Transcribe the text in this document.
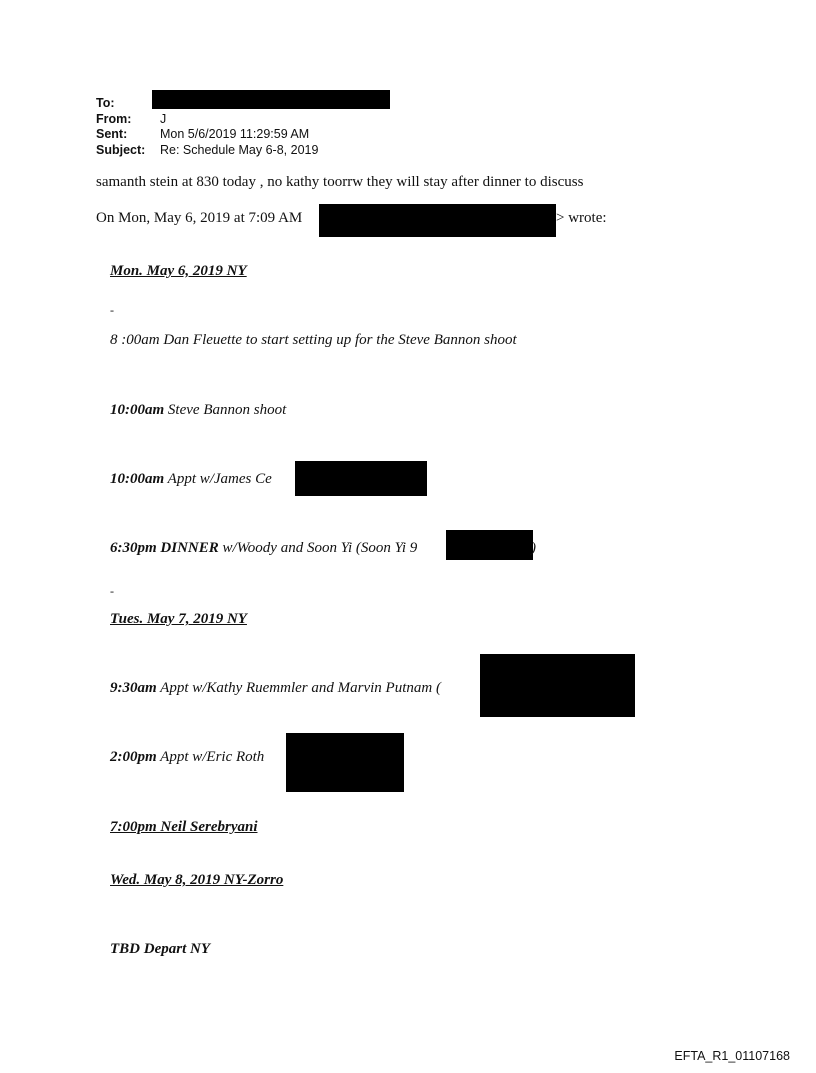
To:
From:	J
Sent:	Mon 5/6/2019 11:29:59 AM
Subject:	Re: Schedule May 6-8, 2019
samanth stein at 830 today , no kathy toorrw they will stay after dinner to discuss
On Mon, May 6, 2019 at 7:09 AM	> wrote:
Mon. May 6, 2019 NY
-
8 :00am Dan Fleuette to start setting up for the Steve Bannon shoot
10:00am Steve Bannon shoot
10:00am Appt w/James Ce
6:30pm DINNER w/Woody and Soon Yi (Soon Yi 9	)
-
Tues. May 7, 2019 NY
9:30am Appt w/Kathy Ruemmler and Marvin Putnam (
2:00pm Appt w/Eric Roth
7:00pm Neil Serebryani
Wed. May 8, 2019 NY-Zorro
TBD Depart NY
EFTA_R1_01107168
